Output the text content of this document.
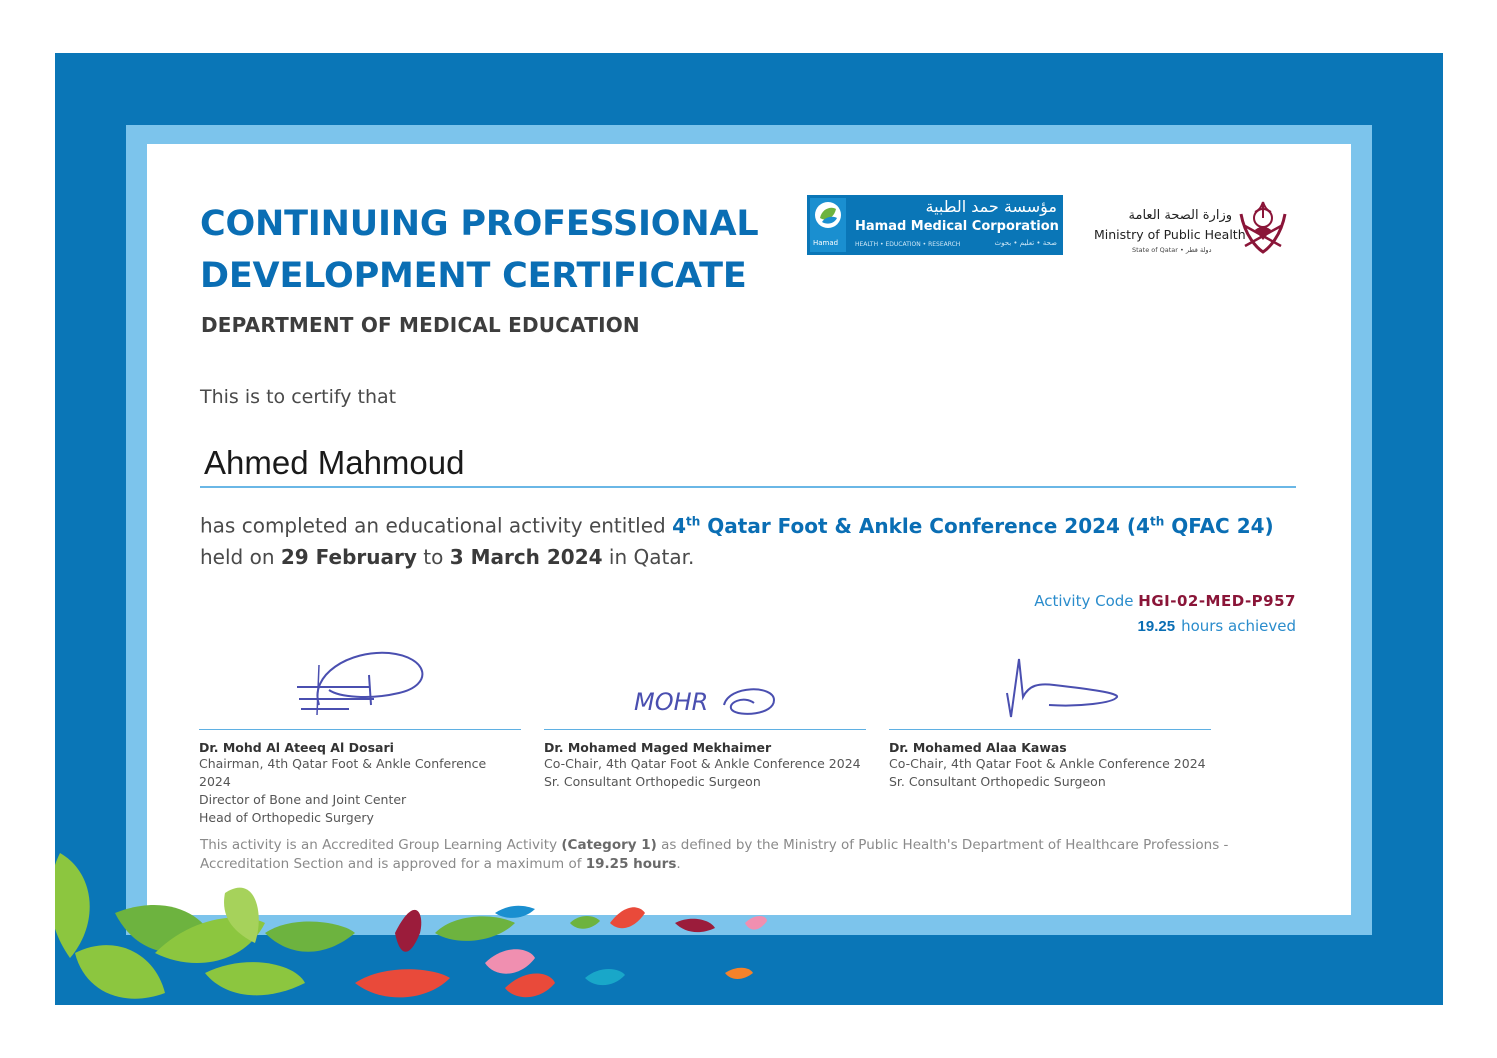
CONTINUING PROFESSIONAL
DEVELOPMENT CERTIFICATE
Hamad
مؤسسة حمد الطبية
Hamad Medical Corporation
HEALTH • EDUCATION • RESEARCH	صحة • تعليم • بحوث
وزارة الصحة العامة
Ministry of Public Health
State of Qatar • دولة قطر
DEPARTMENT OF MEDICAL EDUCATION
This is to certify that
Ahmed Mahmoud
has completed an educational activity entitled 4th Qatar Foot & Ankle Conference 2024 (4th QFAC 24)
held on 29 February to 3 March 2024 in Qatar.
Activity Code HGI-02-MED-P957
19.25 hours achieved
Dr. Mohd Al Ateeq Al Dosari
Chairman, 4th Qatar Foot & Ankle Conference 2024
Director of Bone and Joint Center
Head of Orthopedic Surgery
MOHR
Dr. Mohamed Maged Mekhaimer
Co-Chair, 4th Qatar Foot & Ankle Conference 2024
Sr. Consultant Orthopedic Surgeon
Dr. Mohamed Alaa Kawas
Co-Chair, 4th Qatar Foot & Ankle Conference 2024
Sr. Consultant Orthopedic Surgeon
This activity is an Accredited Group Learning Activity (Category 1) as defined by the Ministry of Public Health's Department of Healthcare Professions - Accreditation Section and is approved for a maximum of 19.25 hours.
